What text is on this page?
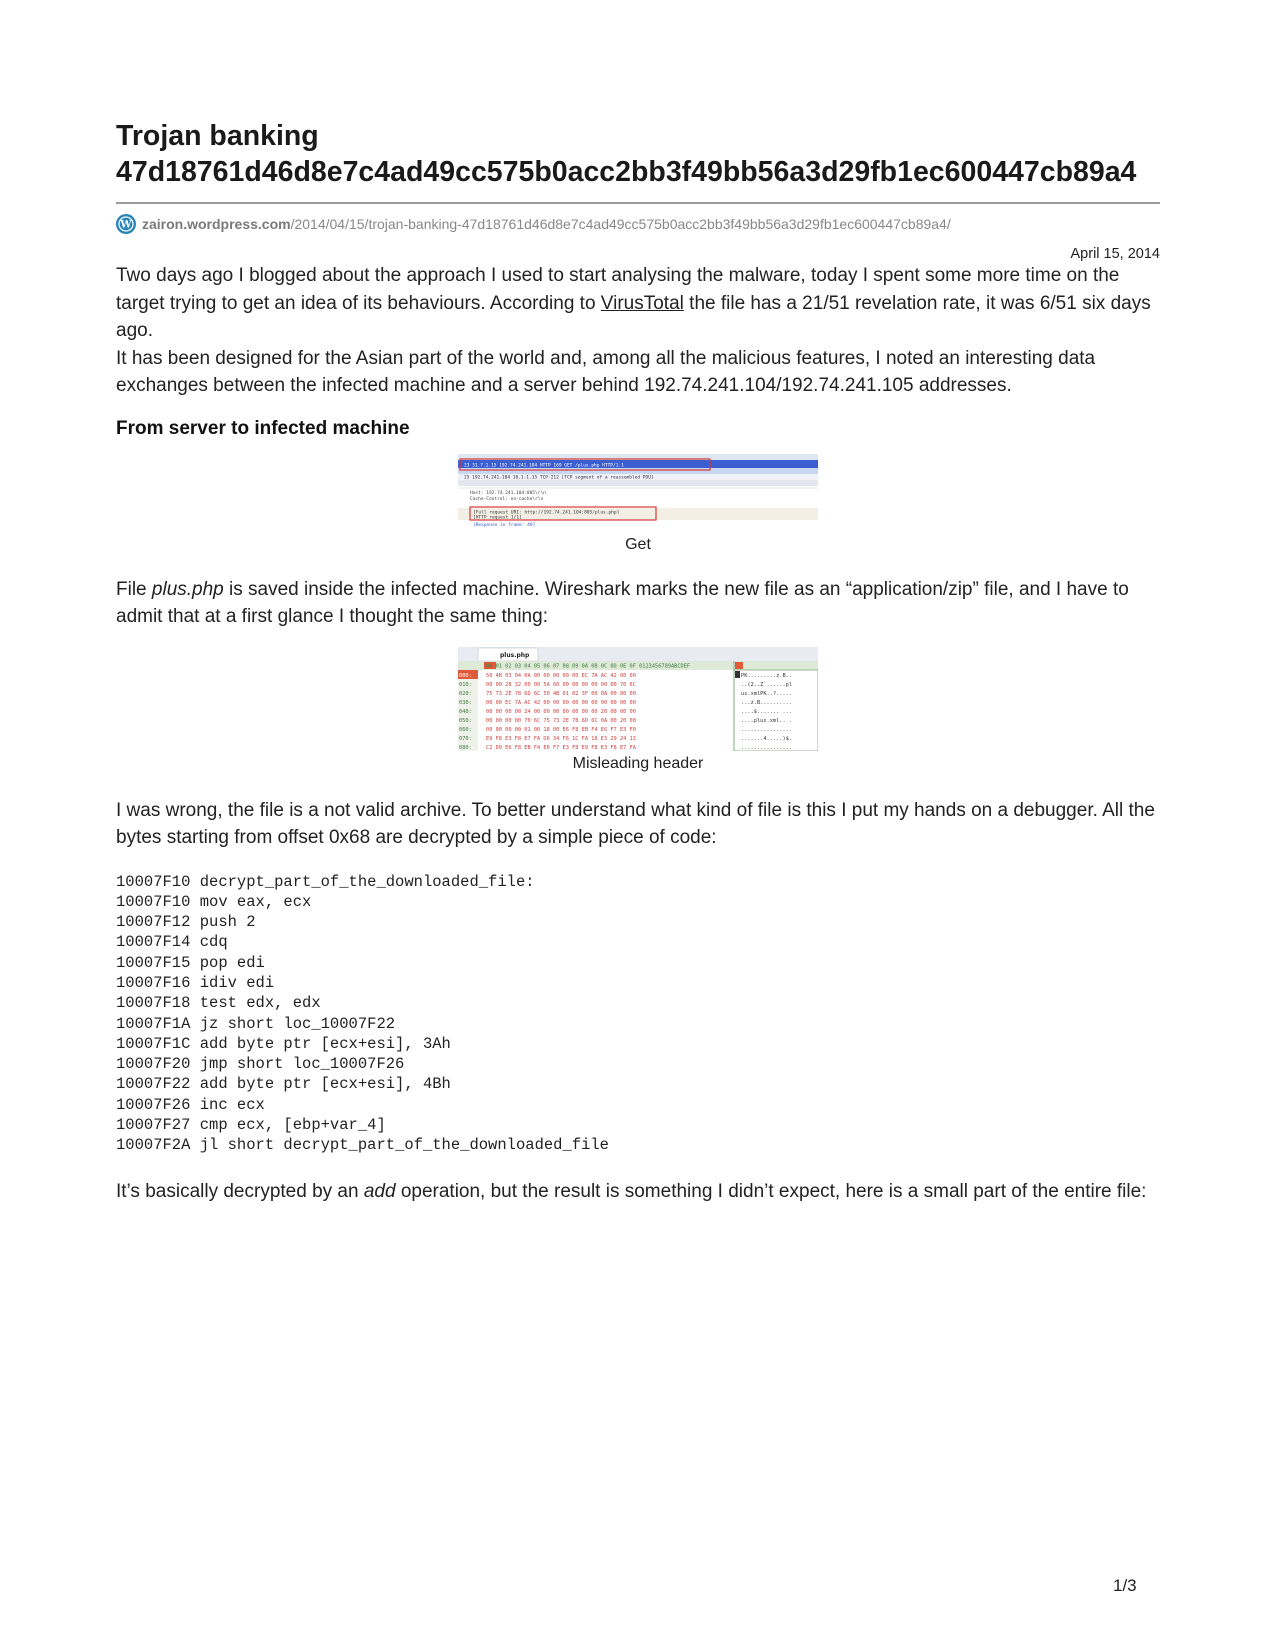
Trojan banking
47d18761d46d8e7c4ad49cc575b0acc2bb3f49bb56a3d29fb1ec600447cb89a4
W zairon.wordpress.com /2014/04/15/trojan-banking-47d18761d46d8e7c4ad49cc575b0acc2bb3f49bb56a3d29fb1ec600447cb89a4/
April 15, 2014

Two days ago I blogged about the approach I used to start analysing the malware, today I spent some more time on the target trying to get an idea of its behaviours. According to VirusTotal the file has a 21/51 revelation rate, it was 6/51 six days ago.

It has been designed for the Asian part of the world and, among all the malicious features, I noted an interesting data exchanges between the infected machine and a server behind 192.74.241.104/192.74.241.105 addresses.

From server to infected machine
23 31.7.1.15 192.74.241.104 HTTP 169 GET /plus.php HTTP/1.1
25 192.74.241.104 10.1.1.15 TCP 212 [TCP segment of a reassembled PDU]
Host: 192.74.241.104:805\r\n
Cache-Control: no-cache\r\n
[Full request URI: http://192.74.241.104:805/plus.php]
[HTTP request 1/1]
[Response in frame: 49]
Get

File plus.php is saved inside the infected machine. Wireshark marks the new file as an “application/zip” file, and I have to admit that at a first glance I thought the same thing:

plus.php
00 01 02 03 04 05 06 07 08 09 0A 0B 0C 0D 0E 0F 0123456789ABCDEF
000:	50 4B 03 04 0A 00 00 00 00 00 EC 7A AC 42 00 00	PK.........z.B..
010:	00 00 28 32 00 00 5A 60 00 00 00 00 00 00 70 6C	..(2..Z`......pl
020:	75 73 2E 78 6D 6C 50 4B 01 02 3F 00 0A 00 00 00	us.xmlPK..?.....
030:	00 00 EC 7A AC 42 00 00 00 00 00 00 00 00 00 00	...z.B..........
040:	00 00 00 00 24 00 00 00 00 00 00 00 20 00 00 00	....$....... ...
050:	00 00 00 00 70 6C 75 73 2E 78 6D 6C 0A 00 20 00	....plus.xml.. .
060:	00 00 00 00 01 00 18 00 E6 F8 EB F4 E6 F7 E3 F0	................
070:	E9 F8 E3 F8 E7 FA D6 34 F6 1C FA 18 E3 29 24 13	.......4.....)$.
080:	C2 D0 E6 F8 EB F4 E6 F7 E3 F8 E9 F8 E3 F8 E7 FA	................
Misleading header

I was wrong, the file is a not valid archive. To better understand what kind of file is this I put my hands on a debugger. All the bytes starting from offset 0x68 are decrypted by a simple piece of code:

10007F10 decrypt_part_of_the_downloaded_file:
10007F10 mov eax, ecx
10007F12 push 2
10007F14 cdq
10007F15 pop edi
10007F16 idiv edi
10007F18 test edx, edx
10007F1A jz short loc_10007F22
10007F1C add byte ptr [ecx+esi], 3Ah
10007F20 jmp short loc_10007F26
10007F22 add byte ptr [ecx+esi], 4Bh
10007F26 inc ecx
10007F27 cmp ecx, [ebp+var_4]
10007F2A jl short decrypt_part_of_the_downloaded_file

It’s basically decrypted by an add operation, but the result is something I didn’t expect, here is a small part of the entire file:

1/3
